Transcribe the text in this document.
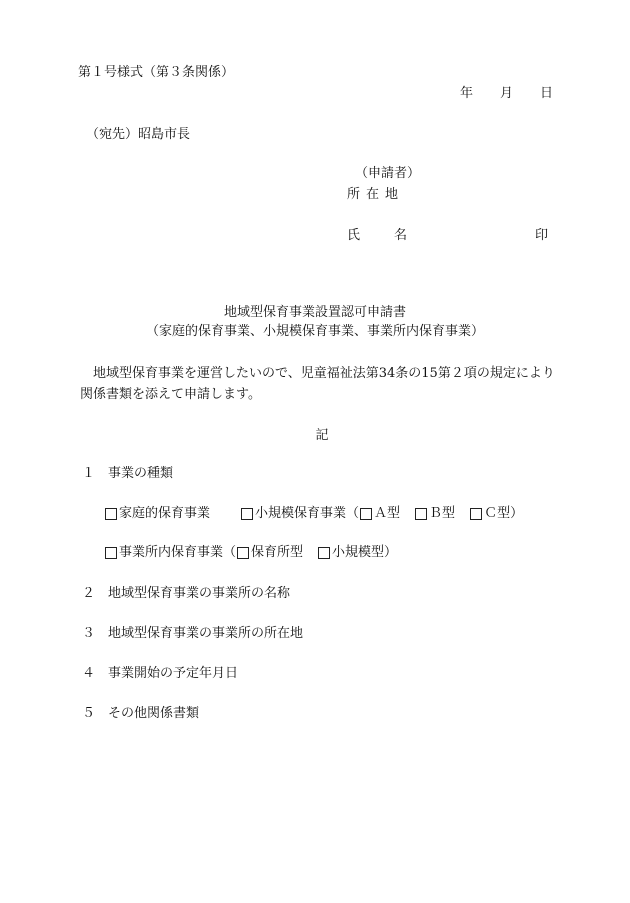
第１号様式（第３条関係）
年	月	日
（宛先）昭島市長
（申請者）
所在地
氏	名	印
地域型保育事業設置認可申請書
（家庭的保育事業、小規模保育事業、事業所内保育事業）
地域型保育事業を運営したいので、児童福祉法第34条の15第２項の規定により関係書類を添えて申請します。
記
１ 事業の種類
家庭的保育事業	小規模保育事業（ Ａ型 Ｂ型 Ｃ型）
事業所内保育事業（ 保育所型 小規模型）
２ 地域型保育事業の事業所の名称
３ 地域型保育事業の事業所の所在地
４ 事業開始の予定年月日
５ その他関係書類
